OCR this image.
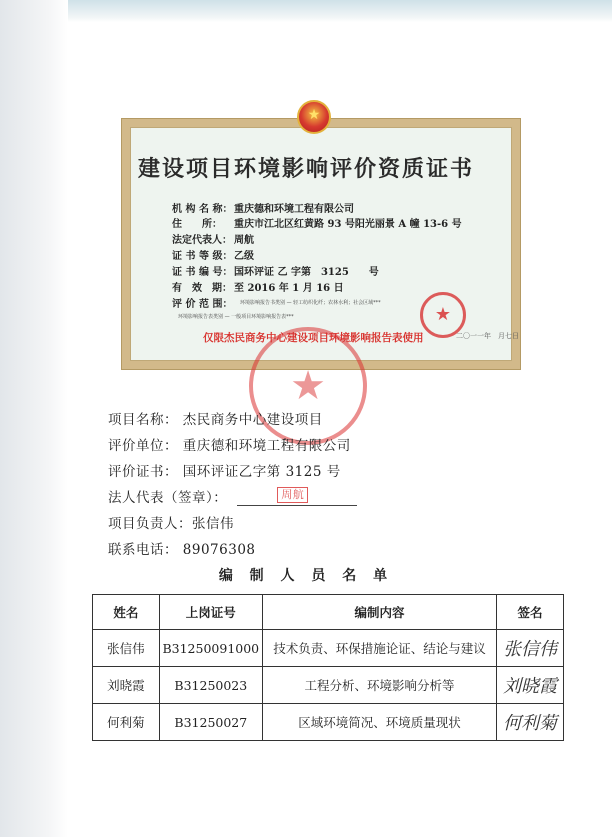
★
建设项目环境影响评价资质证书
机 构 名 称： 重庆德和环境工程有限公司
住　　所： 重庆市江北区红黄路 93 号阳光丽景 A 幢 13-6 号
法定代表人： 周航
证 书 等 级： 乙级
证 书 编 号： 国环评证 乙 字第　3125　　号
有　效　期： 至 2016 年 1 月 16 日
评 价 范 围：	环境影响报告书类别 — 轻工纺织化纤；农林水利；社会区域***
环境影响报告表类别 — 一般项目环境影响报告表***	★
仅限杰民商务中心建设项目环境影响报告表使用	二〇一一年　月七日
★
项目名称： 杰民商务中心建设项目
评价单位： 重庆德和环境工程有限公司
评价证书： 国环评证乙字第 3125 号
法人代表（签章）：	周航
项目负责人：张信伟
联系电话： 89076308
编 制 人 员 名 单
姓名	上岗证号	编制内容	签名
张信伟	B31250091000	技术负责、环保措施论证、结论与建议	张信伟
刘晓霞	B31250023	工程分析、环境影响分析等	刘晓霞
何利菊	B31250027	区域环境简况、环境质量现状	何利菊
